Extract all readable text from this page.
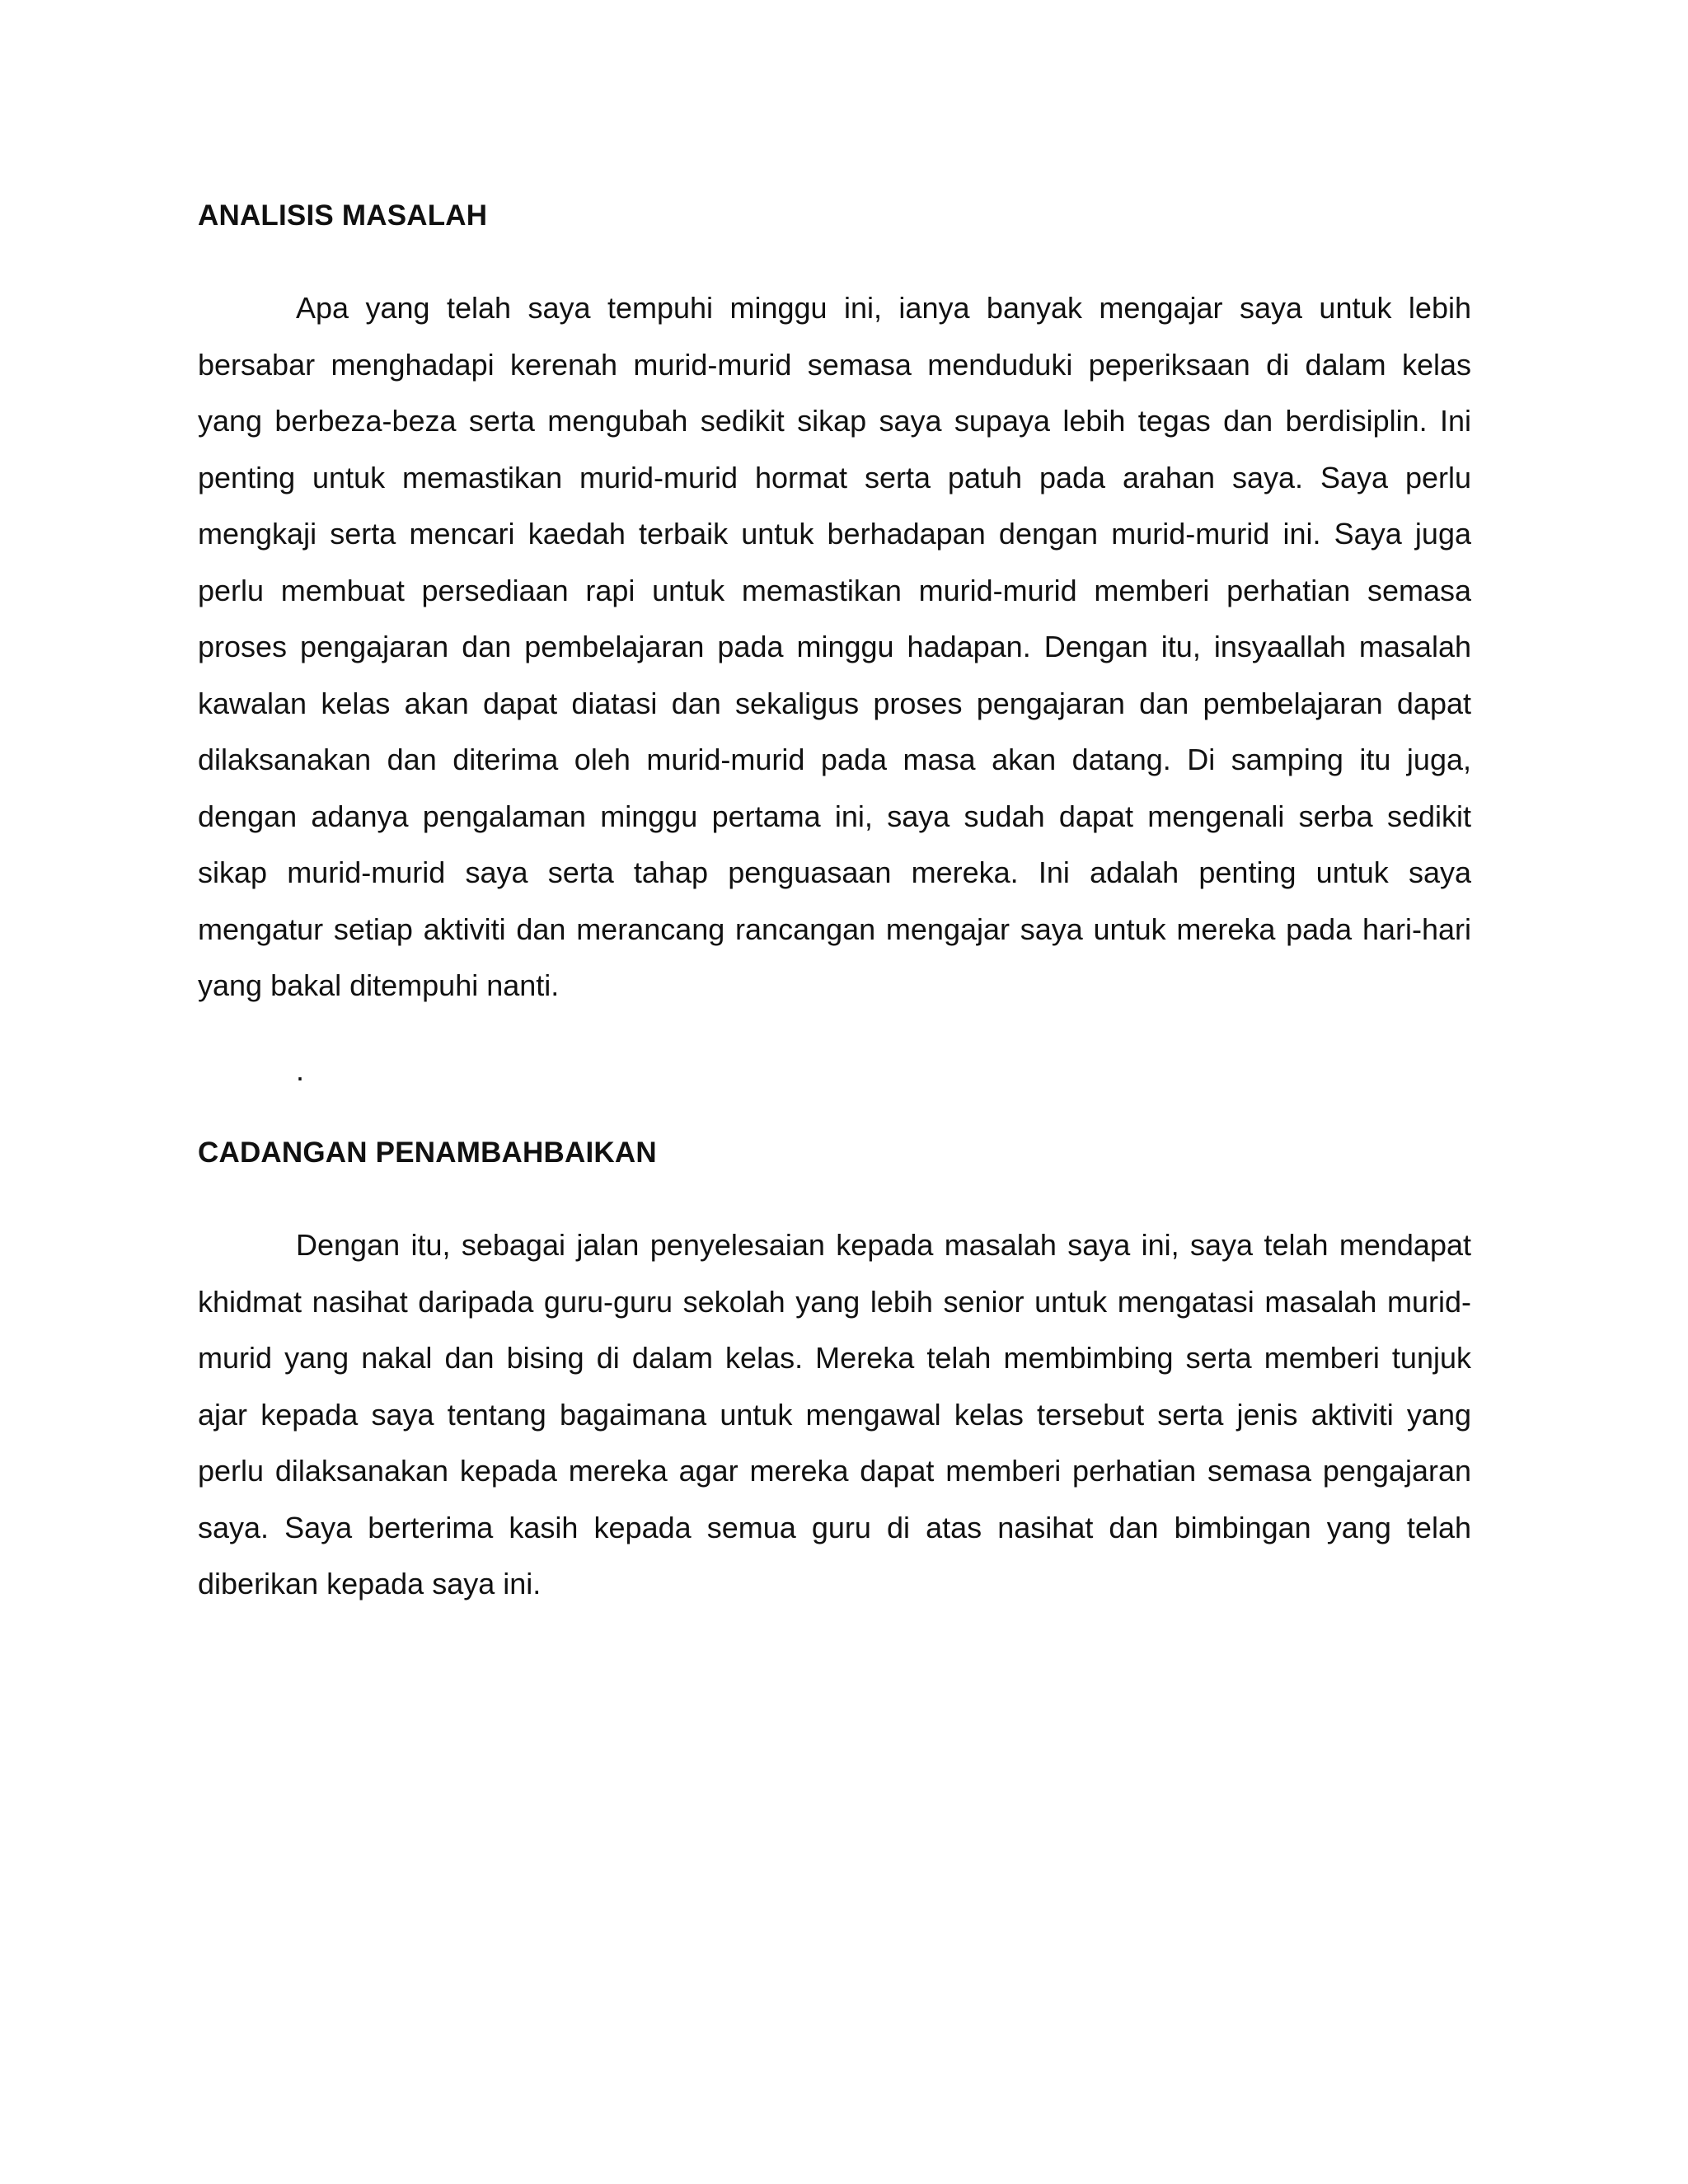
ANALISIS MASALAH

Apa yang telah saya tempuhi minggu ini, ianya banyak mengajar saya untuk lebih bersabar menghadapi kerenah murid-murid semasa menduduki peperiksaan di dalam kelas yang berbeza-beza serta mengubah sedikit sikap saya supaya lebih tegas dan berdisiplin. Ini penting untuk memastikan murid-murid hormat serta patuh pada arahan saya. Saya perlu mengkaji serta mencari kaedah terbaik untuk berhadapan dengan murid-murid ini. Saya juga perlu membuat persediaan rapi untuk memastikan murid-murid memberi perhatian semasa proses pengajaran dan pembelajaran pada minggu hadapan. Dengan itu, insyaallah masalah kawalan kelas akan dapat diatasi dan sekaligus proses pengajaran dan pembelajaran dapat dilaksanakan dan diterima oleh murid-murid pada masa akan datang. Di samping itu juga, dengan adanya pengalaman minggu pertama ini, saya sudah dapat mengenali serba sedikit sikap murid-murid saya serta tahap penguasaan mereka. Ini adalah penting untuk saya mengatur setiap aktiviti dan merancang rancangan mengajar saya untuk mereka pada hari-hari yang bakal ditempuhi nanti.

.
CADANGAN PENAMBAHBAIKAN

Dengan itu, sebagai jalan penyelesaian kepada masalah saya ini, saya telah mendapat khidmat nasihat daripada guru-guru sekolah yang lebih senior untuk mengatasi masalah murid-murid yang nakal dan bising di dalam kelas. Mereka telah membimbing serta memberi tunjuk ajar kepada saya tentang bagaimana untuk mengawal kelas tersebut serta jenis aktiviti yang perlu dilaksanakan kepada mereka agar mereka dapat memberi perhatian semasa pengajaran saya. Saya berterima kasih kepada semua guru di atas nasihat dan bimbingan yang telah diberikan kepada saya ini.
